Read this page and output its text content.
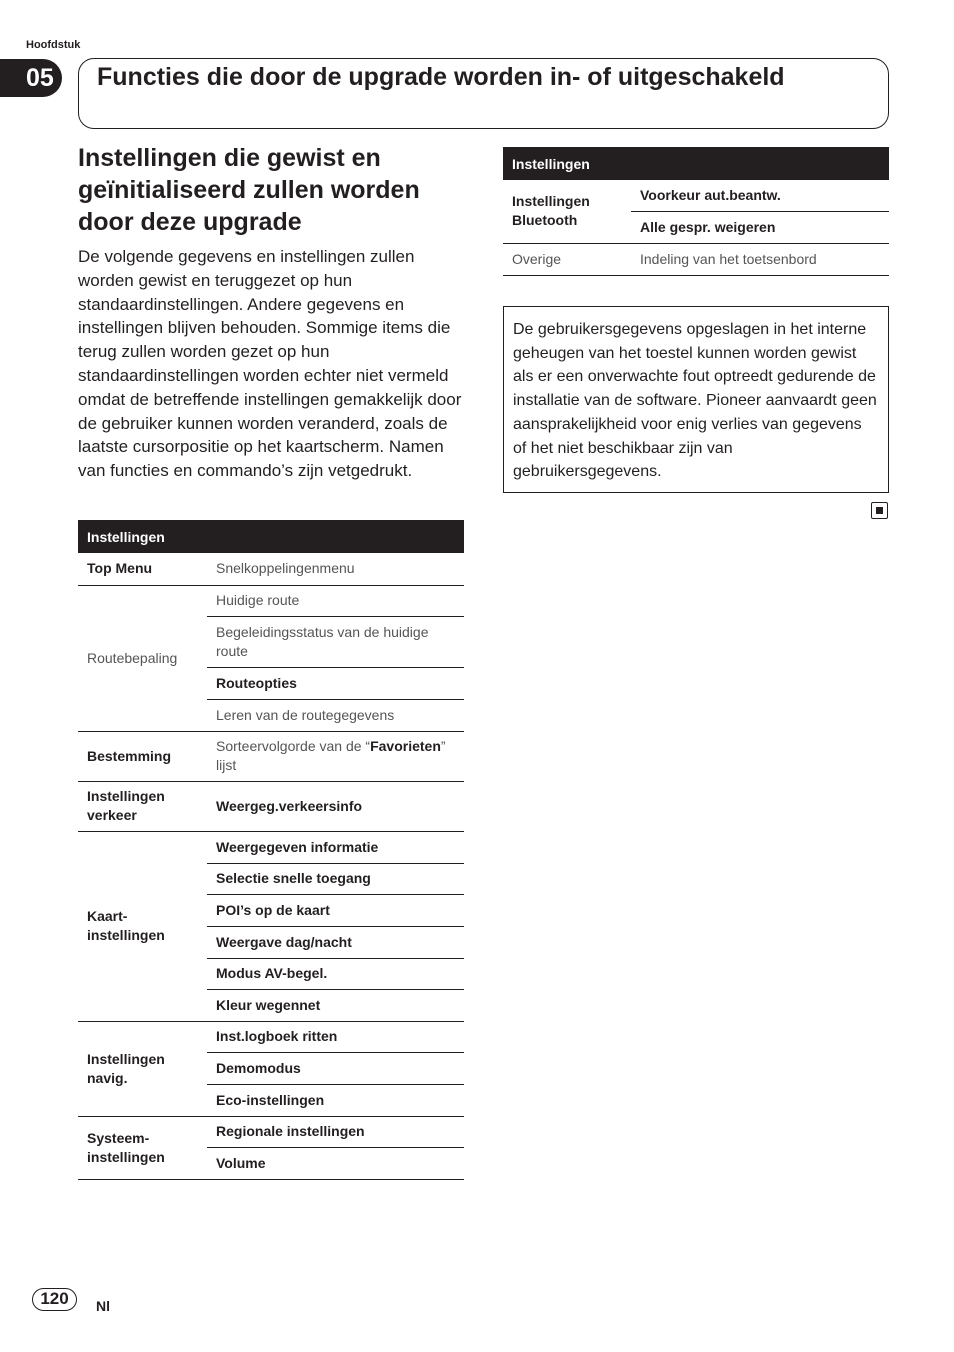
Hoofdstuk
05	Functies die door de upgrade worden in- of uitgeschakeld
Instellingen die gewist en geïnitialiseerd zullen worden door deze upgrade

De volgende gegevens en instellingen zullen worden gewist en teruggezet op hun standaardinstellingen. Andere gegevens en instellingen blijven behouden. Sommige items die terug zullen worden gezet op hun standaardinstellingen worden echter niet vermeld omdat de betreffende instellingen gemakkelijk door de gebruiker kunnen worden veranderd, zoals de laatste cursorpositie op het kaartscherm. Namen van functies en commando’s zijn vetgedrukt.

Instellingen	
Top Menu	Snelkoppelingenmenu
Routebepaling	Huidige route
	Begeleidingsstatus van de huidige route
	Routeopties
	Leren van de routegegevens
Bestemming	Sorteervolgorde van de “Favorieten” lijst
Instellingen verkeer	Weergeg.verkeersinfo
Kaart-instellingen	Weergegeven informatie
	Selectie snelle toegang
	POI’s op de kaart
	Weergave dag/nacht
	Modus AV-begel.
	Kleur wegennet
Instellingen navig.	Inst.logboek ritten
	Demomodus
	Eco-instellingen
Systeem-instellingen	Regionale instellingen
	Volume
Instellingen	
Instellingen Bluetooth	Voorkeur aut.beantw.
	Alle gespr. weigeren
Overige	Indeling van het toetsenbord
De gebruikersgegevens opgeslagen in het interne geheugen van het toestel kunnen worden gewist als er een onverwachte fout optreedt gedurende de installatie van de software. Pioneer aanvaardt geen aansprakelijkheid voor enig verlies van gegevens of het niet beschikbaar zijn van gebruikersgegevens.
120	Nl
